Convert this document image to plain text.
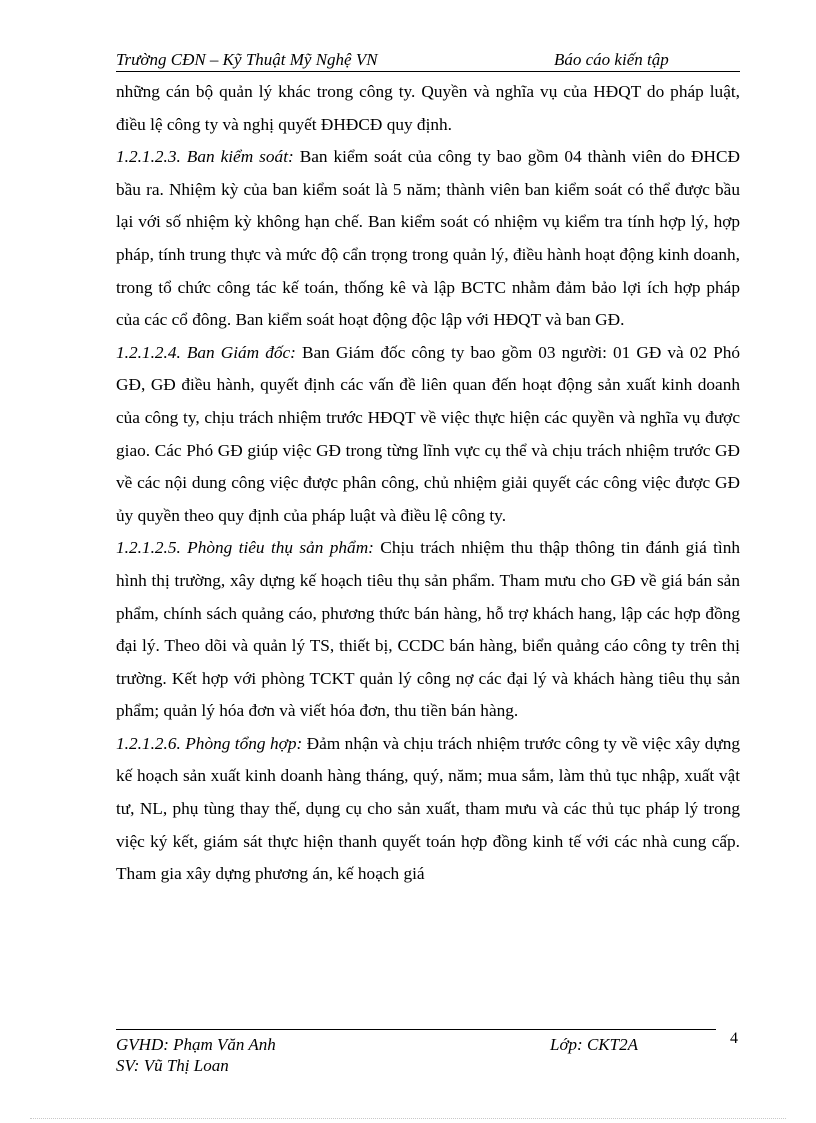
Trường CĐN – Kỹ Thuật Mỹ Nghệ VN	Báo cáo kiến tập

những cán bộ quản lý khác trong công ty. Quyền và nghĩa vụ của HĐQT do pháp luật, điều lệ công ty và nghị quyết ĐHĐCĐ quy định.

1.2.1.2.3. Ban kiểm soát: Ban kiểm soát của công ty bao gồm 04 thành viên do ĐHCĐ bầu ra. Nhiệm kỳ của ban kiểm soát là 5 năm; thành viên ban kiểm soát có thể được bầu lại với số nhiệm kỳ không hạn chế. Ban kiểm soát có nhiệm vụ kiểm tra tính hợp lý, hợp pháp, tính trung thực và mức độ cẩn trọng trong quản lý, điều hành hoạt động kinh doanh, trong tổ chức công tác kế toán, thống kê và lập BCTC nhằm đảm bảo lợi ích hợp pháp của các cổ đông. Ban kiểm soát hoạt động độc lập với HĐQT và ban GĐ.

1.2.1.2.4. Ban Giám đốc: Ban Giám đốc công ty bao gồm 03 người: 01 GĐ và 02 Phó GĐ, GĐ điều hành, quyết định các vấn đề liên quan đến hoạt động sản xuất kinh doanh của công ty, chịu trách nhiệm trước HĐQT về việc thực hiện các quyền và nghĩa vụ được giao. Các Phó GĐ giúp việc GĐ trong từng lĩnh vực cụ thể và chịu trách nhiệm trước GĐ về các nội dung công việc được phân công, chủ nhiệm giải quyết các công việc được GĐ ủy quyền theo quy định của pháp luật và điều lệ công ty.

1.2.1.2.5. Phòng tiêu thụ sản phẩm: Chịu trách nhiệm thu thập thông tin đánh giá tình hình thị trường, xây dựng kế hoạch tiêu thụ sản phẩm. Tham mưu cho GĐ về giá bán sản phẩm, chính sách quảng cáo, phương thức bán hàng, hỗ trợ khách hang, lập các hợp đồng đại lý. Theo dõi và quản lý TS, thiết bị, CCDC bán hàng, biển quảng cáo công ty trên thị trường. Kết hợp với phòng TCKT quản lý công nợ các đại lý và khách hàng tiêu thụ sản phẩm; quản lý hóa đơn và viết hóa đơn, thu tiền bán hàng.

1.2.1.2.6. Phòng tổng hợp: Đảm nhận và chịu trách nhiệm trước công ty về việc xây dựng kế hoạch sản xuất kinh doanh hàng tháng, quý, năm; mua sắm, làm thủ tục nhập, xuất vật tư, NL, phụ tùng thay thế, dụng cụ cho sản xuất, tham mưu và các thủ tục pháp lý trong việc ký kết, giám sát thực hiện thanh quyết toán hợp đồng kinh tế với các nhà cung cấp. Tham gia xây dựng phương án, kế hoạch giá

GVHD: Phạm Văn Anh	Lớp: CKT2A
SV: Vũ Thị Loan
4
